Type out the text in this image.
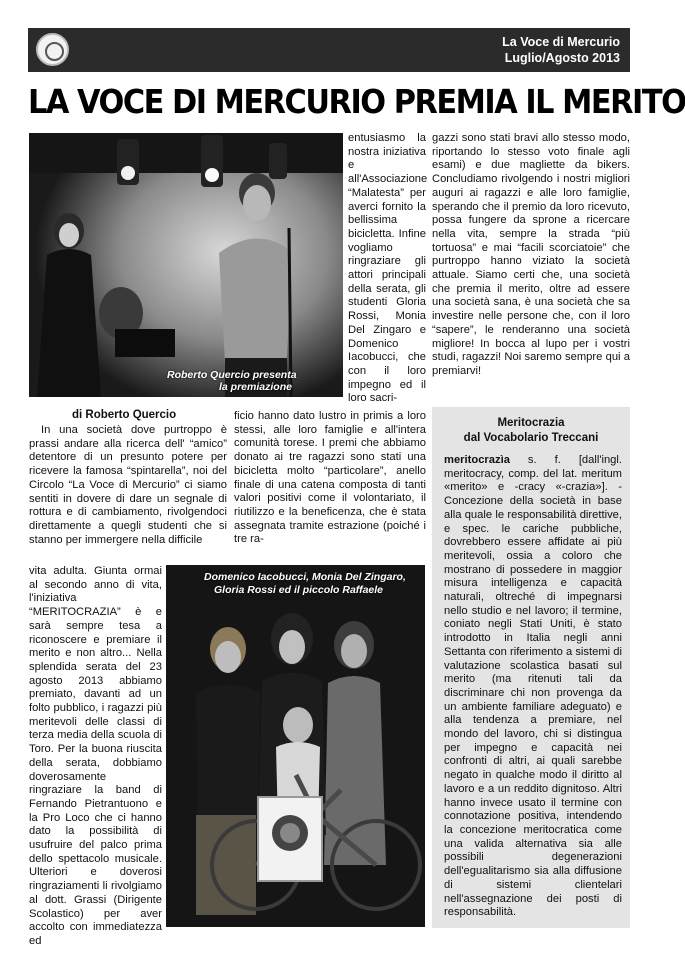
La Voce di Mercurio
Luglio/Agosto 2013
LA VOCE DI MERCURIO PREMIA IL MERITO
Roberto Quercio presenta
la premiazione

entusiasmo la nostra iniziativa e all'Associazione “Malatesta” per averci fornito la bellissima bicicletta. Infine vogliamo ringraziare gli attori principali della serata, gli studenti Gloria Rossi, Monia Del Zingaro e Domenico Iacobucci, che con il loro impegno ed il loro sacri-

di Roberto Quercio

In una società dove purtroppo è prassi andare alla ricerca dell' “amico” detentore di un presunto potere per ricevere la famosa “spintarella”, noi del Circolo “La Voce di Mercurio” ci siamo sentiti in dovere di dare un segnale di rottura e di cambiamento, rivolgendoci direttamente a quegli studenti che si stanno per immergere nella difficile

vita adulta. Giunta ormai al secondo anno di vita, l'iniziativa “MERITOCRAZIA” è e sarà sempre tesa a riconoscere e premiare il merito e non altro... Nella splendida serata del 23 agosto 2013 abbiamo premiato, davanti ad un folto pubblico, i ragazzi più meritevoli delle classi di terza media della scuola di Toro. Per la buona riuscita della serata, dobbiamo doverosamente ringraziare la band di Fernando Pietrantuono e la Pro Loco che ci hanno dato la possibilità di usufruire del palco prima dello spettacolo musicale. Ulteriori e doverosi ringraziamenti li rivolgiamo al dott. Grassi (Dirigente Scolastico) per aver accolto con immediatezza ed

ficio hanno dato lustro in primis a loro stessi, alle loro famiglie e all'intera comunità torese. I premi che abbiamo donato ai tre ragazzi sono stati una bicicletta molto “particolare”, anello finale di una catena composta di tanti valori positivi come il volontariato, il riutilizzo e la beneficenza, che è stata assegnata tramite estrazione (poiché i tre ra-

Domenico Iacobucci, Monia Del Zingaro,
Gloria Rossi ed il piccolo Raffaele

gazzi sono stati bravi allo stesso modo, riportando lo stesso voto finale agli esami) e due magliette da bikers. Concludiamo rivolgendo i nostri migliori auguri ai ragazzi e alle loro famiglie, sperando che il premio da loro ricevuto, possa fungere da sprone a ricercare nella vita, sempre la strada “più tortuosa” e mai “facili scorciatoie” che purtroppo hanno viziato la società attuale. Siamo certi che, una società che premia il merito, oltre ad essere una società sana, è una società che sa investire nelle persone che, con il loro “sapere”, le renderanno una società migliore! In bocca al lupo per i vostri studi, ragazzi! Noi saremo sempre qui a premiarvi!

Meritocrazia
dal Vocabolario Treccani

meritocrazìa s. f. [dall'ingl. meritocracy, comp. del lat. meritum «merito» e -cracy «-crazia»]. - Concezione della società in base alla quale le responsabilità direttive, e spec. le cariche pubbliche, dovrebbero essere affidate ai più meritevoli, ossia a coloro che mostrano di possedere in maggior misura intelligenza e capacità naturali, oltreché di impegnarsi nello studio e nel lavoro; il termine, coniato negli Stati Uniti, è stato introdotto in Italia negli anni Settanta con riferimento a sistemi di valutazione scolastica basati sul merito (ma ritenuti tali da discriminare chi non provenga da un ambiente familiare adeguato) e alla tendenza a premiare, nel mondo del lavoro, chi si distingua per impegno e capacità nei confronti di altri, ai quali sarebbe negato in qualche modo il diritto al lavoro e a un reddito dignitoso. Altri hanno invece usato il termine con connotazione positiva, intendendo la concezione meritocratica come una valida alternativa sia alle possibili degenerazioni dell'egualitarismo sia alla diffusione di sistemi clientelari nell'assegnazione dei posti di responsabilità.
